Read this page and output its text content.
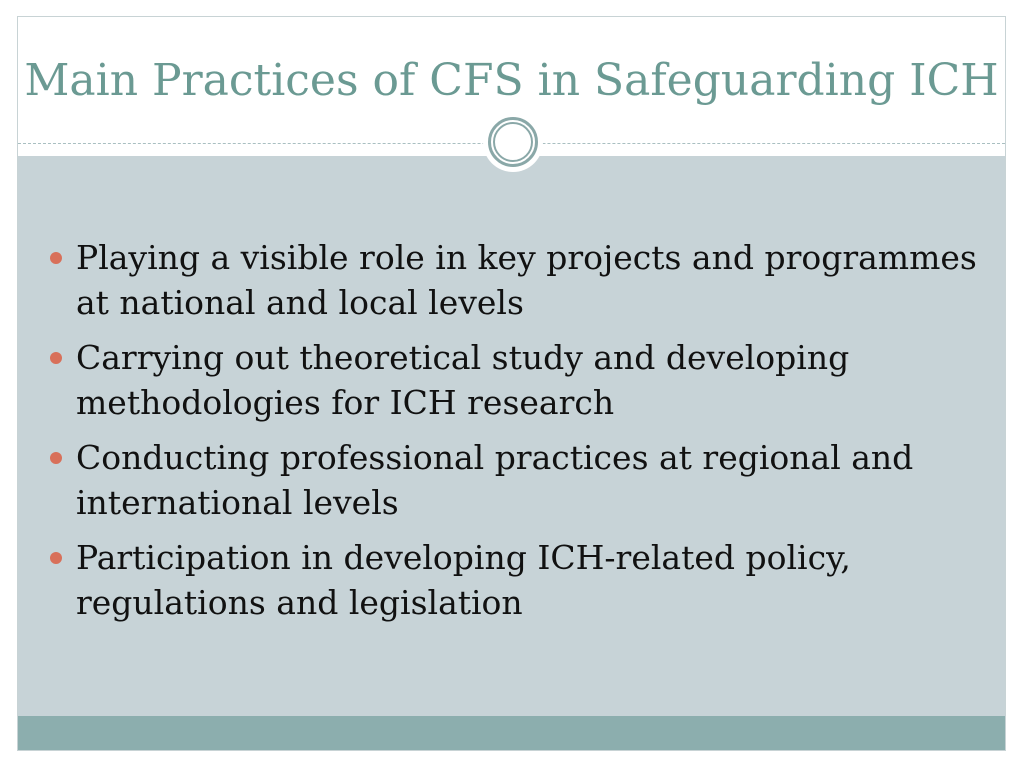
Main Practices of CFS in Safeguarding ICH
Playing a visible role in key projects and programmes at national and local levels
Carrying out theoretical study and developing methodologies for ICH research
Conducting professional practices at regional and international levels
Participation in developing ICH-related policy, regulations and legislation
